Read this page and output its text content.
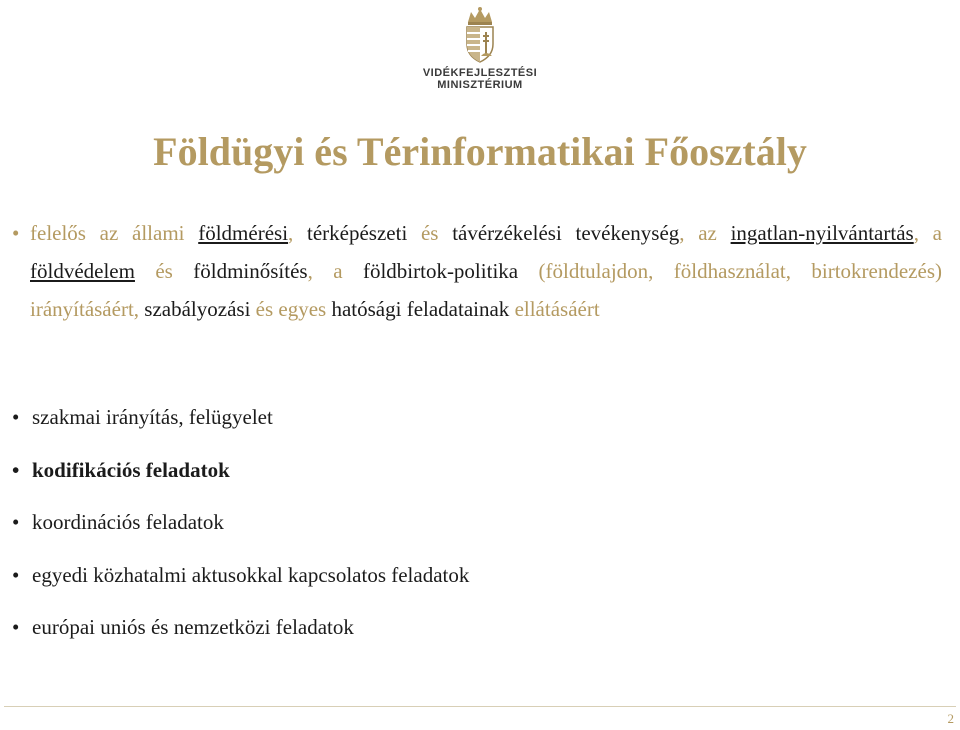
VIDÉKFEJLESZTÉSI
MINISZTÉRIUM
Földügyi és Térinformatikai Főosztály
• felelős az állami földmérési, térképészeti és távérzékelési tevékenység, az ingatlan-nyilvántartás, a földvédelem és földminősítés, a földbirtok-politika (földtulajdon, földhasználat, birtokrendezés) irányításáért, szabályozási és egyes hatósági feladatainak ellátásáért
• szakmai irányítás, felügyelet
• kodifikációs feladatok
• koordinációs feladatok
• egyedi közhatalmi aktusokkal kapcsolatos feladatok
• európai uniós és nemzetközi feladatok
2
